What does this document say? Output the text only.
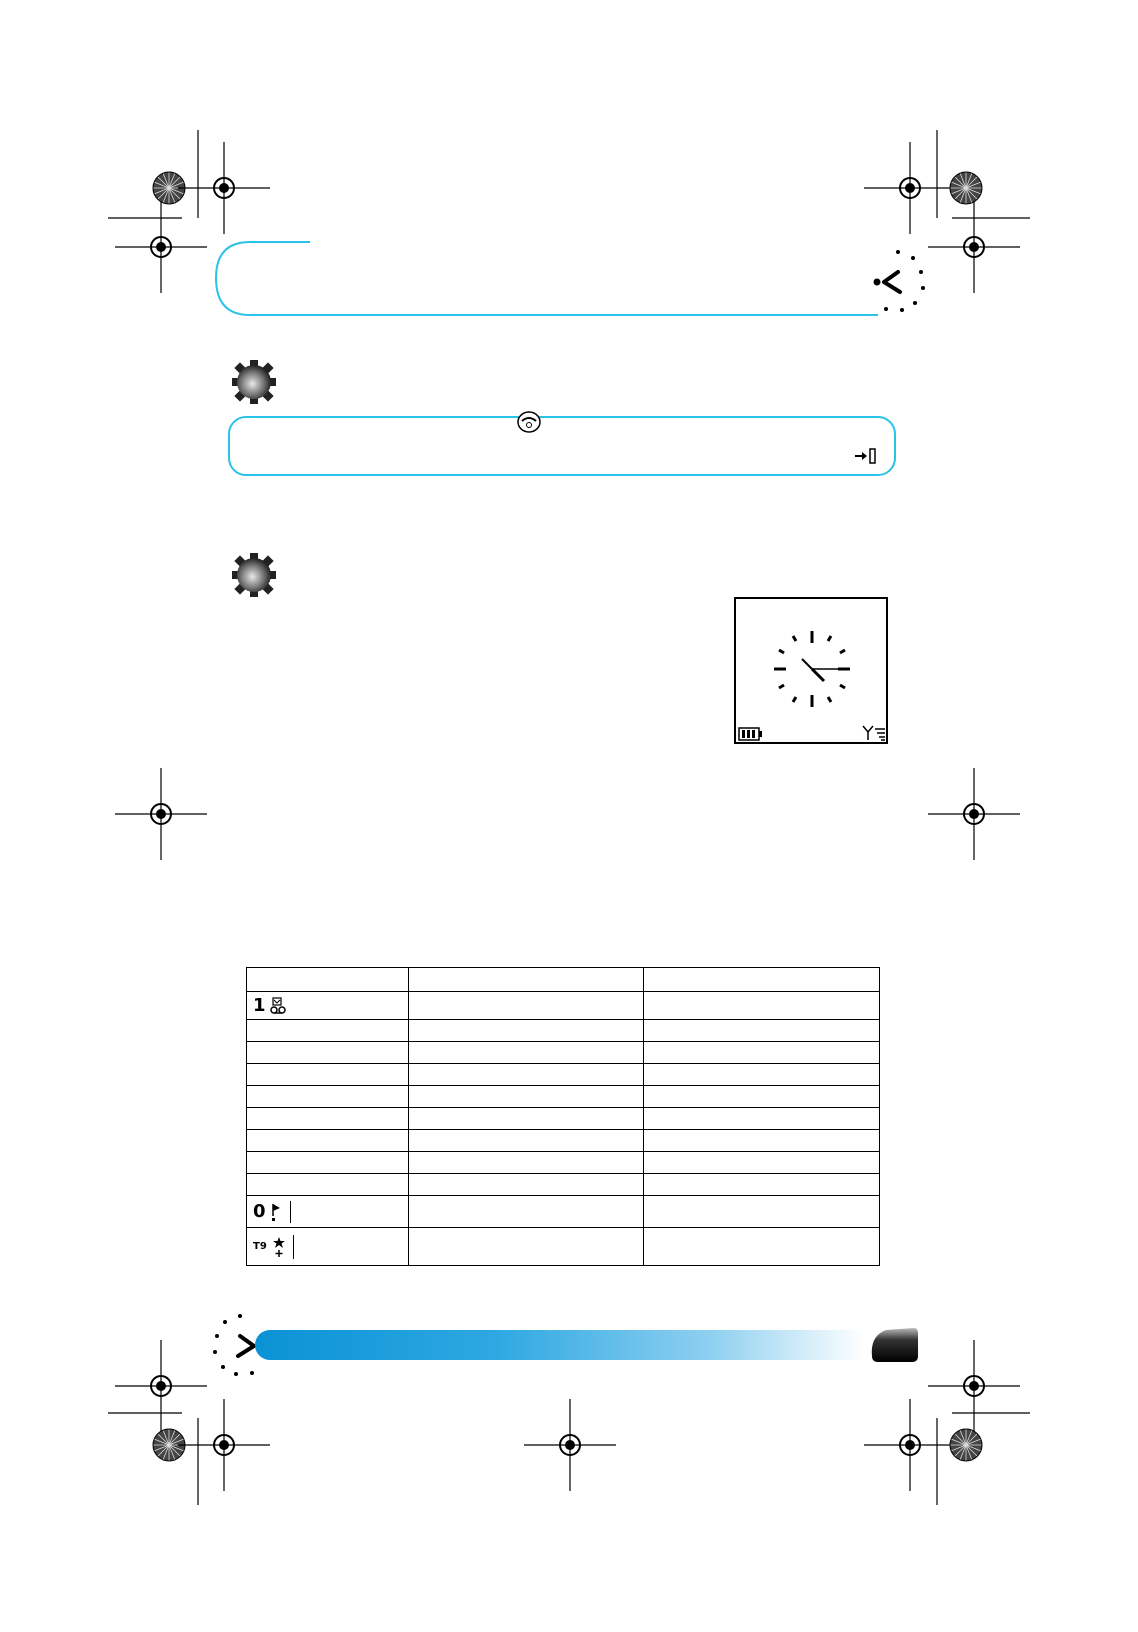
1		

0		

T9		
